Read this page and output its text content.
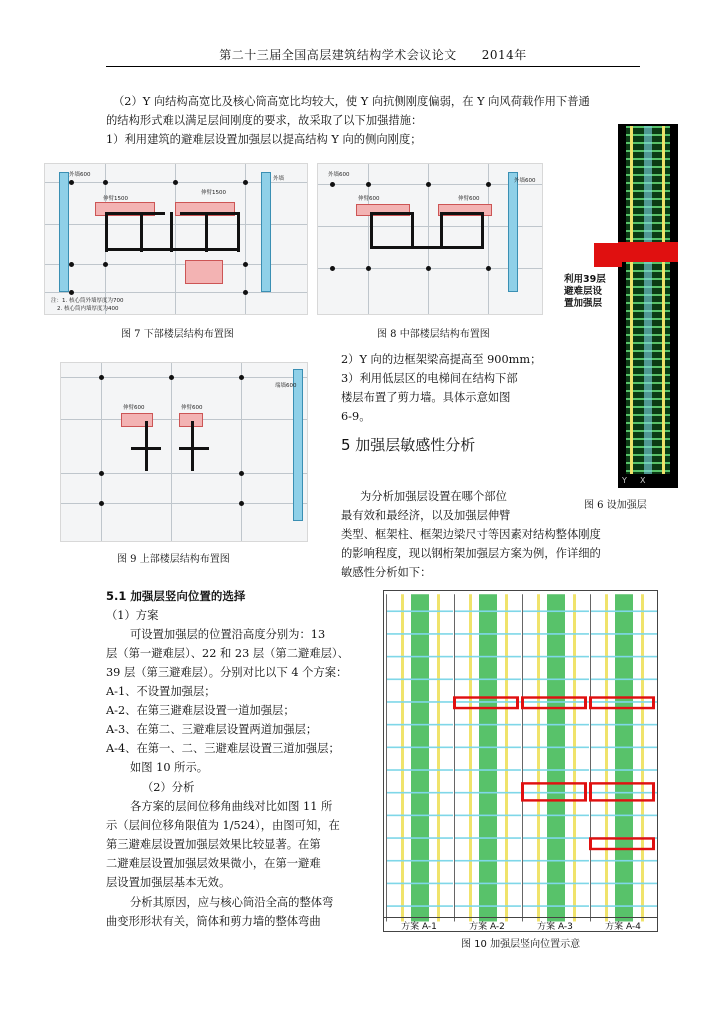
第二十三届全国高层建筑结构学术会议论文　　2014年
（2）Y 向结构高宽比及核心筒高宽比均较大，使 Y 向抗侧刚度偏弱，在 Y 向风荷载作用下普通
的结构形式难以满足层间刚度的要求，故采取了以下加强措施：
1）利用建筑的避难层设置加强层以提高结构 Y 向的侧向刚度；
外墙600
伸臂1500
伸臂1500
外墙
注：1. 核心筒外墙厚度为700
2. 核心筒内墙厚度为400
图 7 下部楼层结构布置图
外墙600
伸臂600	伸臂600
外墙600
图 8 中部楼层结构布置图
Y X
利用39层
避难层设
置加强层
图 6 设加强层
伸臂600	伸臂600
端墙600
图 9 上部楼层结构布置图
2）Y 向的边框架梁高提高至 900mm；
3）利用低层区的电梯间在结构下部
楼层布置了剪力墙。具体示意如图
6-9。
5 加强层敏感性分析
为分析加强层设置在哪个部位
最有效和最经济，以及加强层伸臂
类型、框架柱、框架边梁尺寸等因素对结构整体刚度
的影响程度，现以钢桁架加强层方案为例，作详细的
敏感性分析如下：
5.1 加强层竖向位置的选择
（1）方案
可设置加强层的位置沿高度分别为：13
层（第一避难层）、22 和 23 层（第二避难层）、
39 层（第三避难层）。分别对比以下 4 个方案：
A-1、不设置加强层；
A-2、在第三避难层设置一道加强层；
A-3、在第二、三避难层设置两道加强层；
A-4、在第一、二、三避难层设置三道加强层；
如图 10 所示。
（2）分析
各方案的层间位移角曲线对比如图 11 所
示（层间位移角限值为 1/524），由图可知，在
第三避难层设置加强层效果比较显著。在第
二避难层设置加强层效果微小，在第一避难
层设置加强层基本无效。
分析其原因，应与核心筒沿全高的整体弯
曲变形形状有关，筒体和剪力墙的整体弯曲	方案 A-1	方案 A-2	方案 A-3	方案 A-4
图 10 加强层竖向位置示意
